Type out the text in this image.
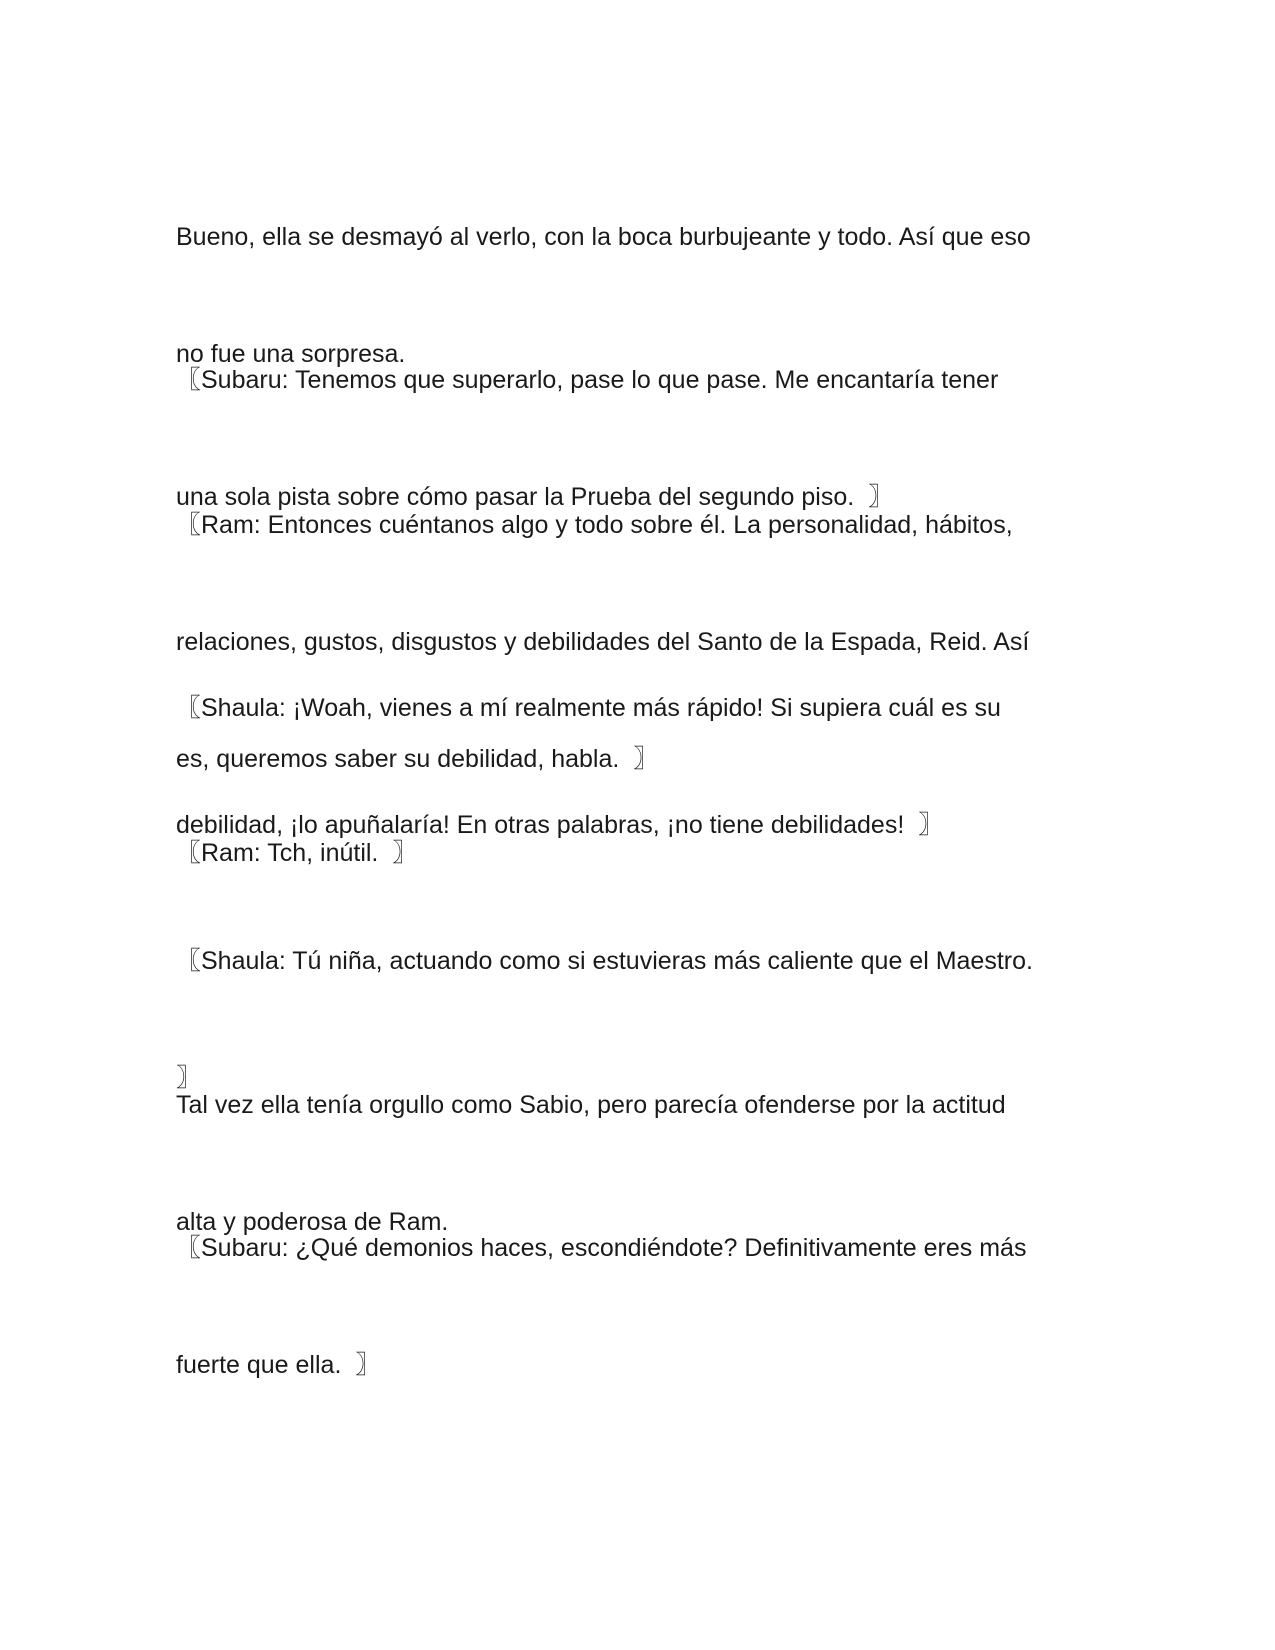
Bueno, ella se desmayó al verlo, con la boca burbujeante y todo. Así que eso

no fue una sorpresa.

〖Subaru: Tenemos que superarlo, pase lo que pase. Me encantaría tener

una sola pista sobre cómo pasar la Prueba del segundo piso.  〗

〖Ram: Entonces cuéntanos algo y todo sobre él. La personalidad, hábitos,

relaciones, gustos, disgustos y debilidades del Santo de la Espada, Reid. Así

es, queremos saber su debilidad, habla.  〗

〖Shaula: ¡Woah, vienes a mí realmente más rápido! Si supiera cuál es su

debilidad, ¡lo apuñalaría! En otras palabras, ¡no tiene debilidades!  〗

〖Ram: Tch, inútil.  〗

〖Shaula: Tú niña, actuando como si estuvieras más caliente que el Maestro.

〗

Tal vez ella tenía orgullo como Sabio, pero parecía ofenderse por la actitud

alta y poderosa de Ram.

〖Subaru: ¿Qué demonios haces, escondiéndote? Definitivamente eres más

fuerte que ella.  〗
